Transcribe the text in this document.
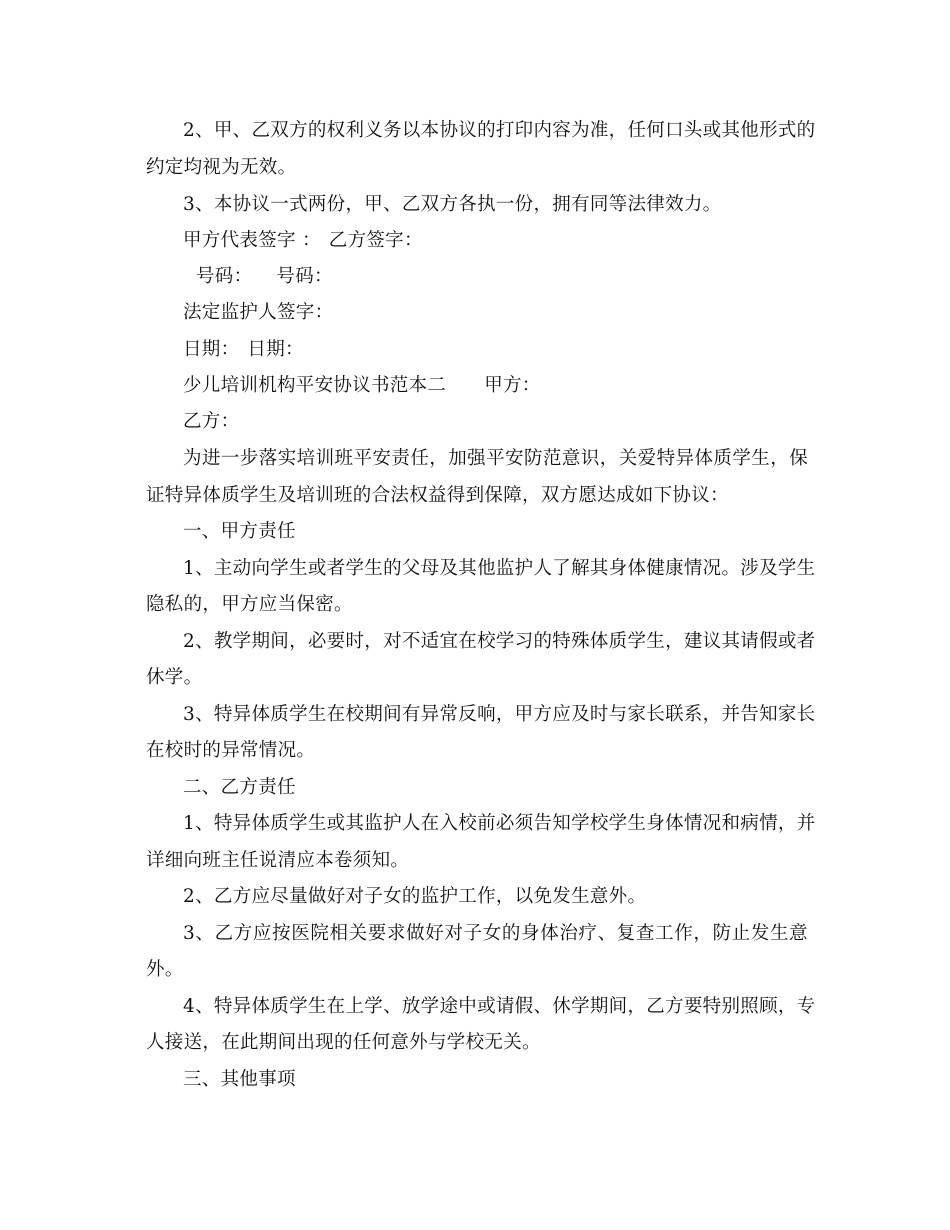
2、甲、乙双方的权利义务以本协议的打印内容为准，任何口头或其他形式的
约定均视为无效。
3、本协议一式两份，甲、乙双方各执一份，拥有同等法律效力。
甲方代表签字 ： 乙方签字：
号码： 号码：
法定监护人签字：
日期： 日期：
少儿培训机构平安协议书范本二 甲方：
乙方：
为进一步落实培训班平安责任，加强平安防范意识，关爱特异体质学生，保
证特异体质学生及培训班的合法权益得到保障，双方愿达成如下协议：
一、甲方责任
1、主动向学生或者学生的父母及其他监护人了解其身体健康情况。涉及学生
隐私的，甲方应当保密。
2、教学期间，必要时，对不适宜在校学习的特殊体质学生，建议其请假或者
休学。
3、特异体质学生在校期间有异常反响，甲方应及时与家长联系，并告知家长
在校时的异常情况。
二、乙方责任
1、特异体质学生或其监护人在入校前必须告知学校学生身体情况和病情，并
详细向班主任说清应本卷须知。
2、乙方应尽量做好对子女的监护工作，以免发生意外。
3、乙方应按医院相关要求做好对子女的身体治疗、复查工作，防止发生意
外。
4、特异体质学生在上学、放学途中或请假、休学期间，乙方要特别照顾，专
人接送，在此期间出现的任何意外与学校无关。
三、其他事项
